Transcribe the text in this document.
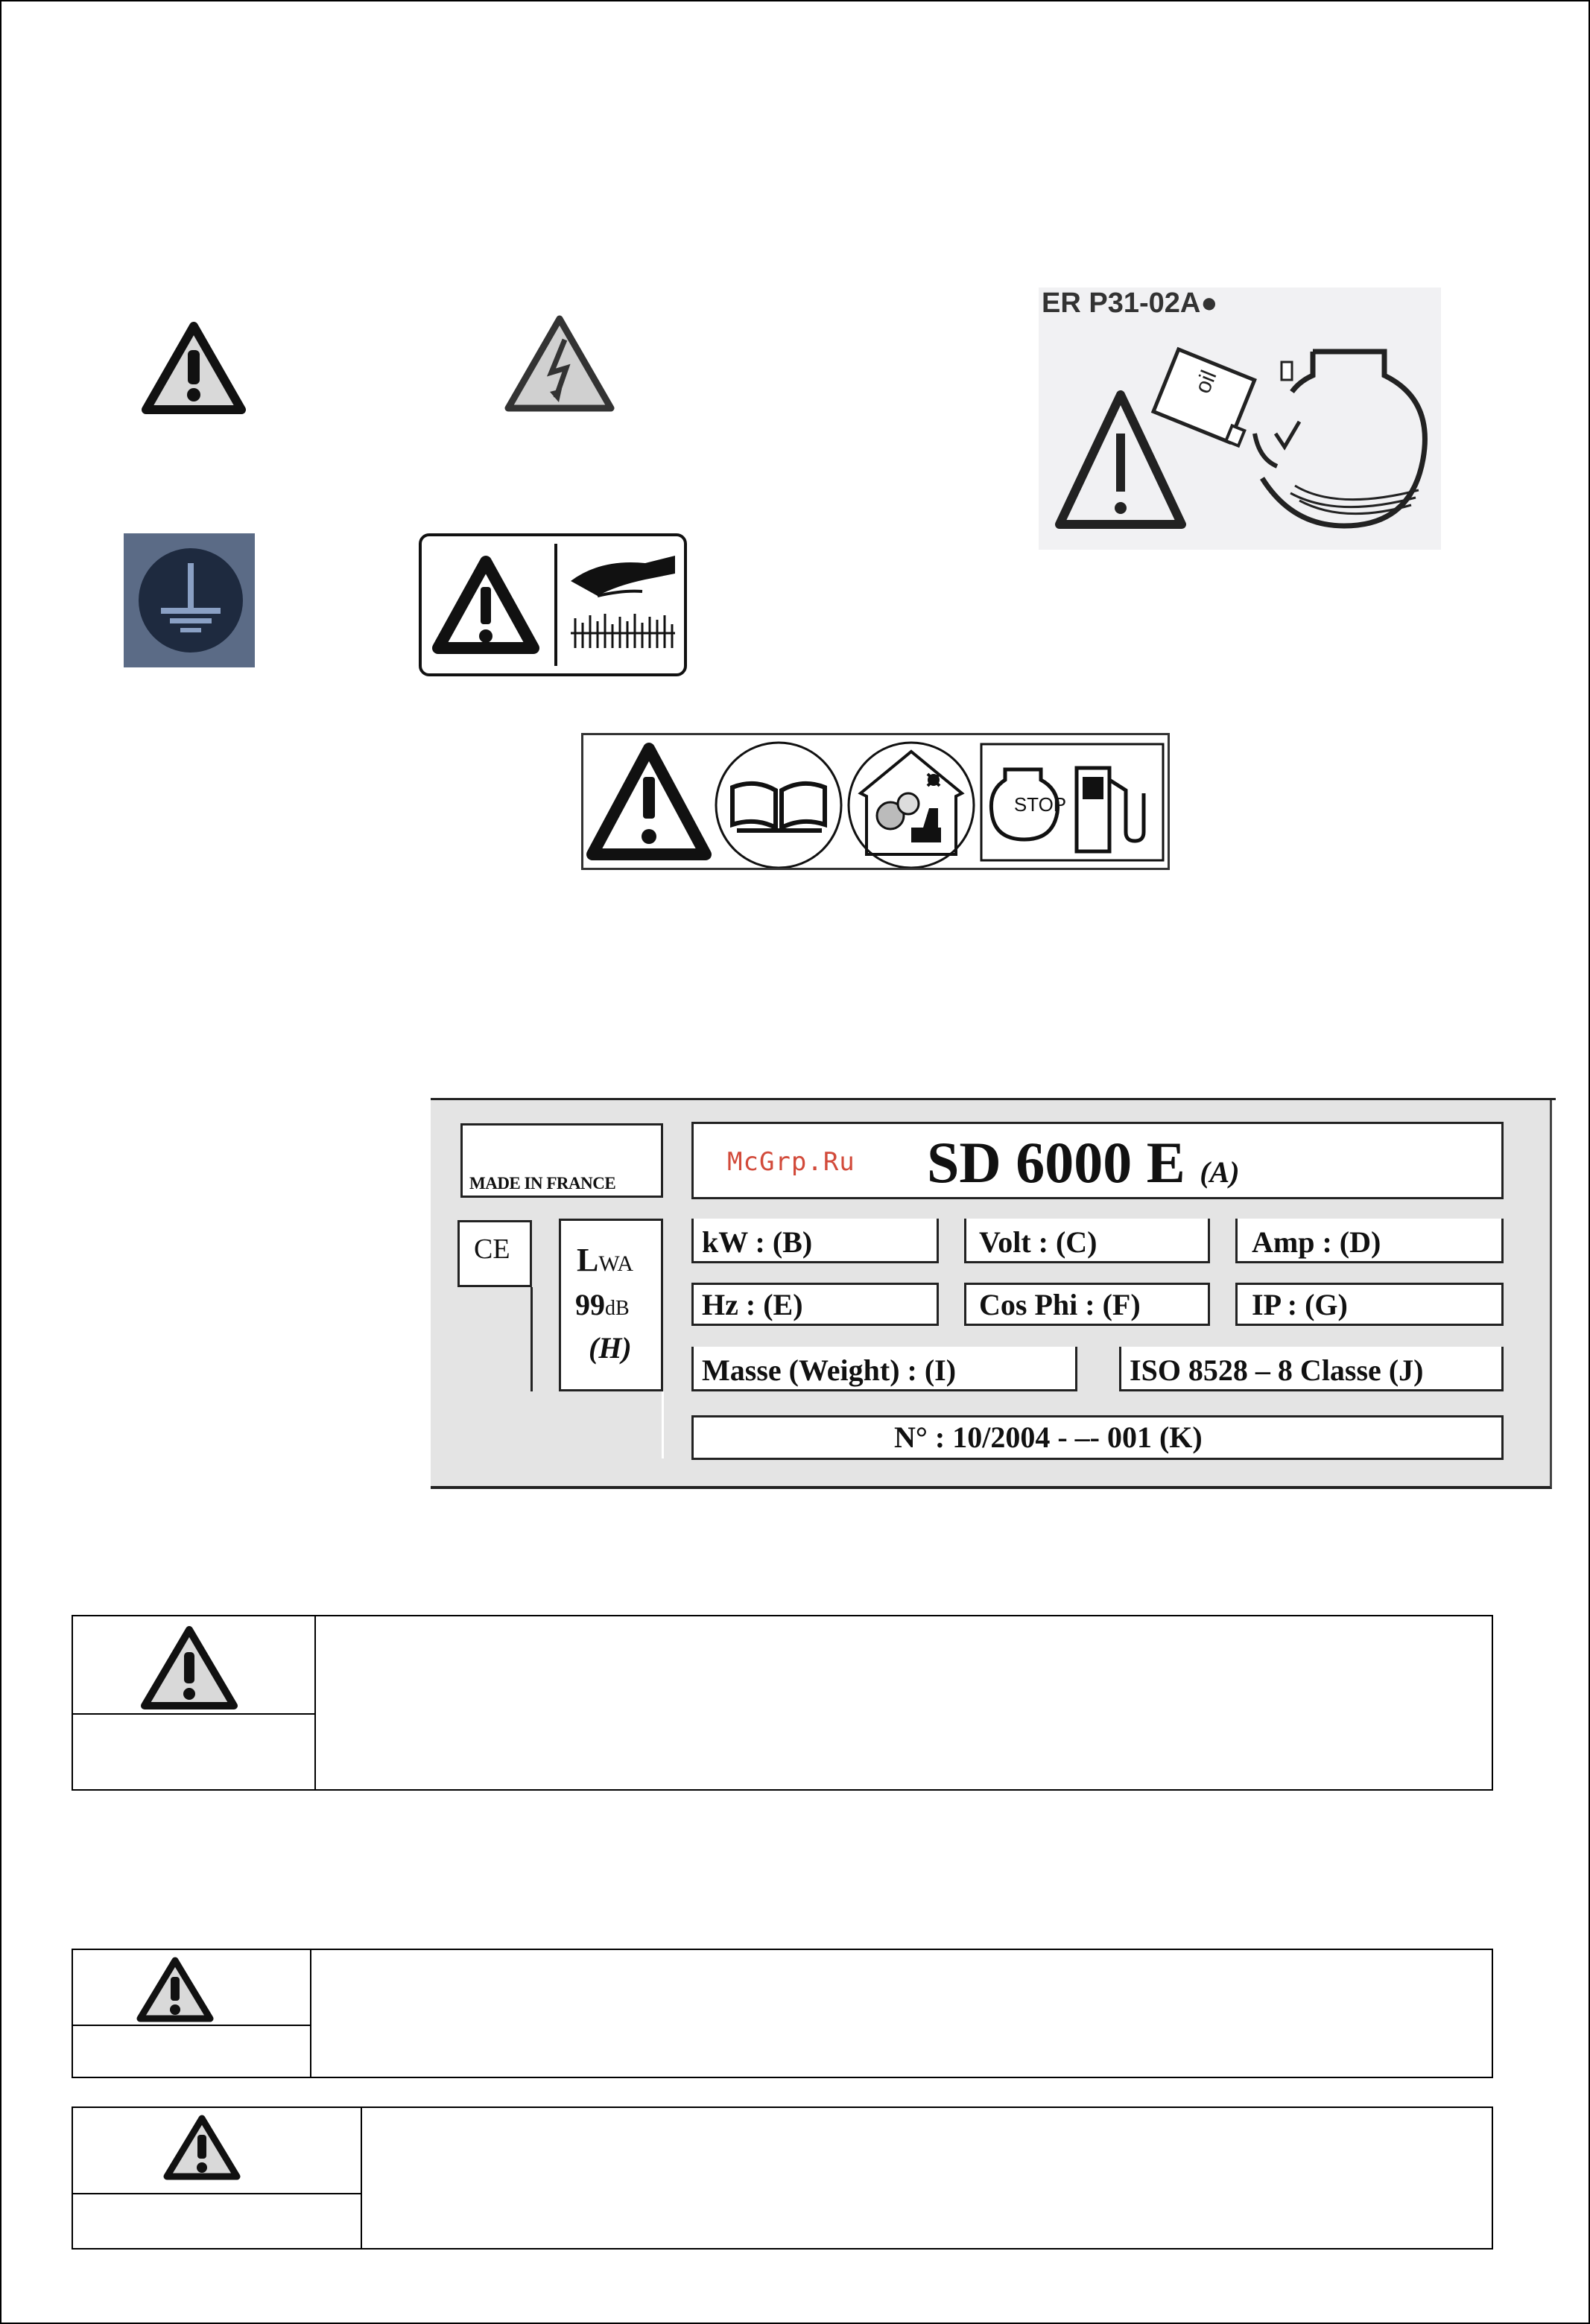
ER P31-02A●
oil
STOP
MADE IN FRANCE
CE LWA
99dB
(H)
McGrp.Ru SD 6000 E (A)
kW : (B)	Volt : (C)	Amp : (D)
Hz : (E)	Cos Phi : (F)	IP : (G)
Masse (Weight) : (I)	ISO 8528 – 8 Classe (J)
N° : 10/2004 - –- 001 (K)
